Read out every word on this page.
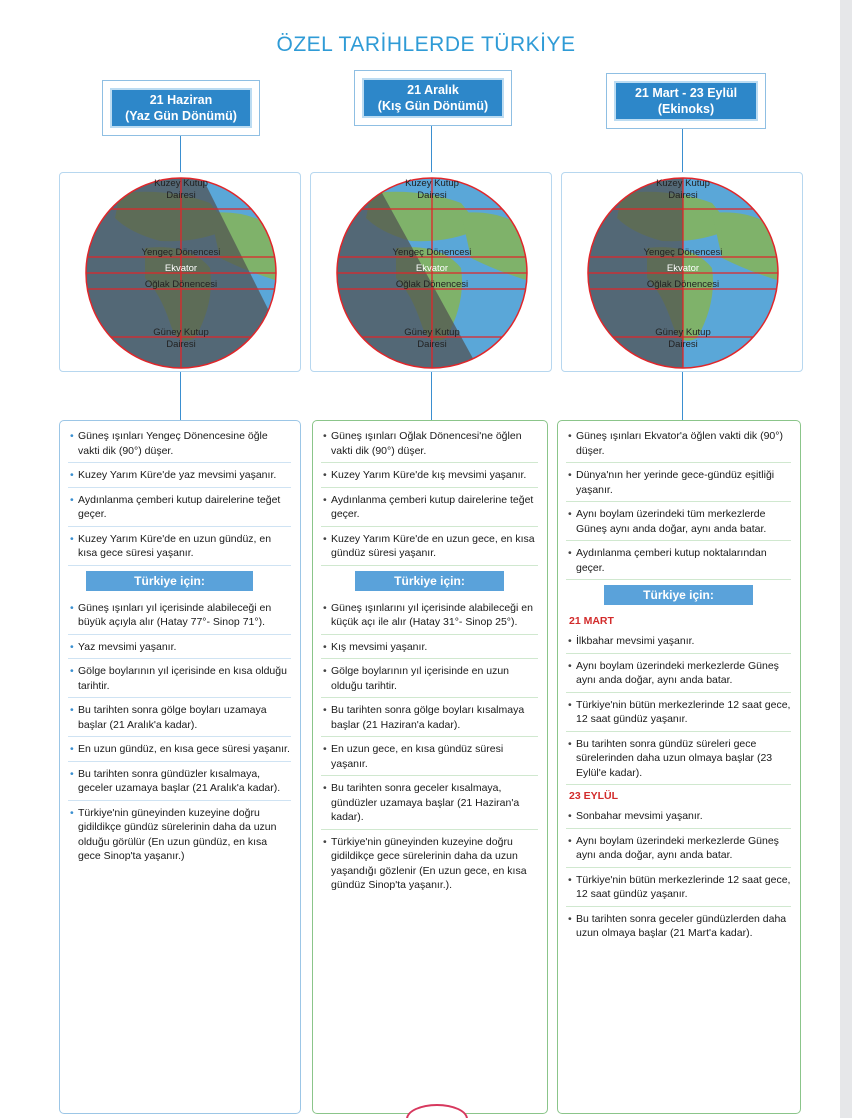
ÖZEL TARİHLERDE TÜRKİYE
21 Haziran
(Yaz Gün Dönümü)
21 Aralık
(Kış Gün Dönümü)
21 Mart - 23 Eylül
(Ekinoks)
Kuzey Kutup
Dairesi
Yengeç Dönencesi
Ekvator
Oğlak Dönencesi
Güney Kutup
Dairesi
Kuzey Kutup
Dairesi
Yengeç Dönencesi
Ekvator
Oğlak Dönencesi
Güney Kutup
Dairesi
Kuzey Kutup
Dairesi
Yengeç Dönencesi
Ekvator
Oğlak Dönencesi
Güney Kutup
Dairesi
• Güneş ışınları Yengeç Dönencesine öğle vakti dik (90°) düşer.
• Kuzey Yarım Küre'de yaz mevsimi yaşanır.
• Aydınlanma çemberi kutup dairelerine teğet geçer.
• Kuzey Yarım Küre'de en uzun gündüz, en kısa gece süresi yaşanır.
Türkiye için:
• Güneş ışınları yıl içerisinde alabileceği en büyük açıyla alır (Hatay 77°- Sinop 71°).
• Yaz mevsimi yaşanır.
• Gölge boylarının yıl içerisinde en kısa olduğu tarihtir.
• Bu tarihten sonra gölge boyları uzamaya başlar (21 Aralık'a kadar).
• En uzun gündüz, en kısa gece süresi yaşanır.
• Bu tarihten sonra gündüzler kısalmaya, geceler uzamaya başlar (21 Aralık'a kadar).
• Türkiye'nin güneyinden kuzeyine doğru gidildikçe gündüz sürelerinin daha da uzun olduğu görülür (En uzun gündüz, en kısa gece Sinop'ta yaşanır.)
• Güneş ışınları Oğlak Dönencesi'ne öğlen vakti dik (90°) düşer.
• Kuzey Yarım Küre'de kış mevsimi yaşanır.
• Aydınlanma çemberi kutup dairelerine teğet geçer.
• Kuzey Yarım Küre'de en uzun gece, en kısa gündüz süresi yaşanır.
Türkiye için:
• Güneş ışınlarını yıl içerisinde alabileceği en küçük açı ile alır (Hatay 31°- Sinop 25°).
• Kış mevsimi yaşanır.
• Gölge boylarının yıl içerisinde en uzun olduğu tarihtir.
• Bu tarihten sonra gölge boyları kısalmaya başlar (21 Haziran'a kadar).
• En uzun gece, en kısa gündüz süresi yaşanır.
• Bu tarihten sonra geceler kısalmaya, gündüzler uzamaya başlar (21 Haziran'a kadar).
• Türkiye'nin güneyinden kuzeyine doğru gidildikçe gece sürelerinin daha da uzun yaşandığı gözlenir (En uzun gece, en kısa gündüz Sinop'ta yaşanır.).
• Güneş ışınları Ekvator'a öğlen vakti dik (90°) düşer.
• Dünya'nın her yerinde gece-gündüz eşitliği yaşanır.
• Aynı boylam üzerindeki tüm merkezlerde Güneş aynı anda doğar, aynı anda batar.
• Aydınlanma çemberi kutup noktalarından geçer.
Türkiye için:
21 MART
• İlkbahar mevsimi yaşanır.
• Aynı boylam üzerindeki merkezlerde Güneş aynı anda doğar, aynı anda batar.
• Türkiye'nin bütün merkezlerinde 12 saat gece, 12 saat gündüz yaşanır.
• Bu tarihten sonra gündüz süreleri gece sürelerinden daha uzun olmaya başlar (23 Eylül'e kadar).
23 EYLÜL
• Sonbahar mevsimi yaşanır.
• Aynı boylam üzerindeki merkezlerde Güneş aynı anda doğar, aynı anda batar.
• Türkiye'nin bütün merkezlerinde 12 saat gece, 12 saat gündüz yaşanır.
• Bu tarihten sonra geceler gündüzlerden daha uzun olmaya başlar (21 Mart'a kadar).
